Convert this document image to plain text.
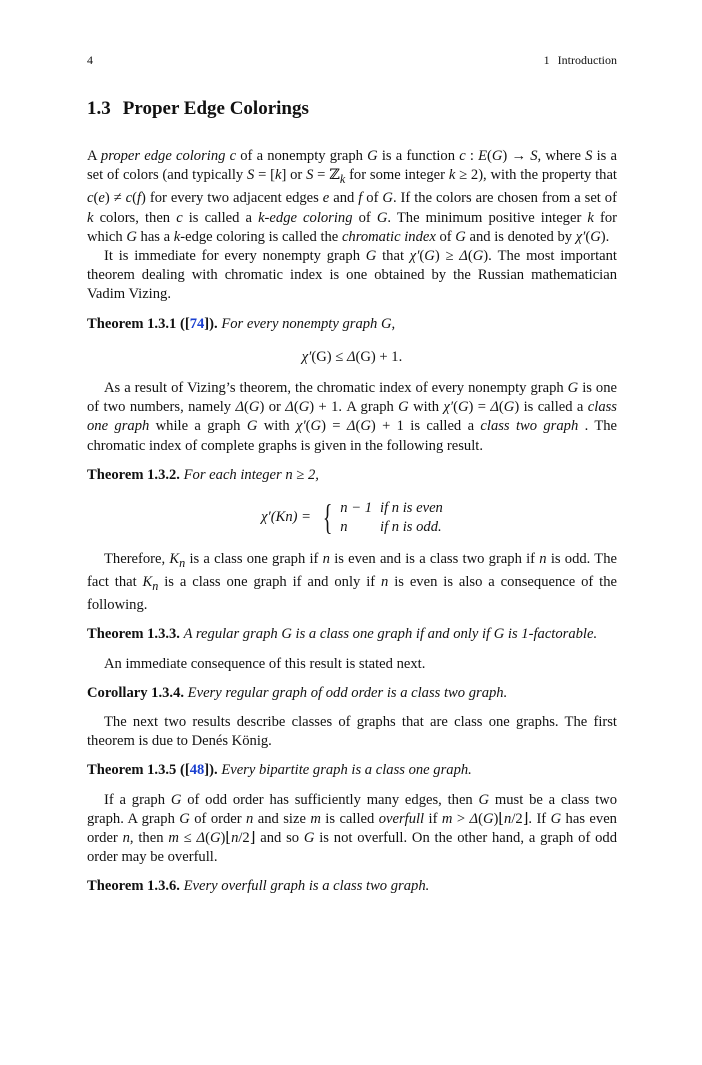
4	1 Introduction
1.3 Proper Edge Colorings

A proper edge coloring c of a nonempty graph G is a function c : E(G) → S, where S is a set of colors (and typically S = [k] or S = ℤ$_k$ for some integer k ≥ 2), with the property that c(e) ≠ c(f) for every two adjacent edges e and f of G. If the colors are chosen from a set of k colors, then c is called a k-edge coloring of G. The minimum positive integer k for which G has a k-edge coloring is called the chromatic index of G and is denoted by χ′(G).

It is immediate for every nonempty graph G that χ′(G) ≥ Δ(G). The most important theorem dealing with chromatic index is one obtained by the Russian mathematician Vadim Vizing.

Theorem 1.3.1 ([74]). For every nonempty graph G,

χ′(G) ≤ Δ(G) + 1.

As a result of Vizing’s theorem, the chromatic index of every nonempty graph G is one of two numbers, namely Δ(G) or Δ(G) + 1. A graph G with χ′(G) = Δ(G) is called a class one graph while a graph G with χ′(G) = Δ(G) + 1 is called a class two graph . The chromatic index of complete graphs is given in the following result.

Theorem 1.3.2. For each integer n ≥ 2,

χ′(Kn) = { n − 1 if n is even
n	if n is odd.

Therefore, $K_n$ is a class one graph if n is even and is a class two graph if n is odd. The fact that $K_n$ is a class one graph if and only if n is even is also a consequence of the following.

Theorem 1.3.3. A regular graph G is a class one graph if and only if G is 1-factorable.

An immediate consequence of this result is stated next.

Corollary 1.3.4. Every regular graph of odd order is a class two graph.

The next two results describe classes of graphs that are class one graphs. The first theorem is due to Denés König.

Theorem 1.3.5 ([48]). Every bipartite graph is a class one graph.

If a graph G of odd order has sufficiently many edges, then G must be a class two graph. A graph G of order n and size m is called overfull if m > Δ(G)⌊n/2⌋. If G has even order n, then m ≤ Δ(G)⌊n/2⌋ and so G is not overfull. On the other hand, a graph of odd order may be overfull.

Theorem 1.3.6. Every overfull graph is a class two graph.
